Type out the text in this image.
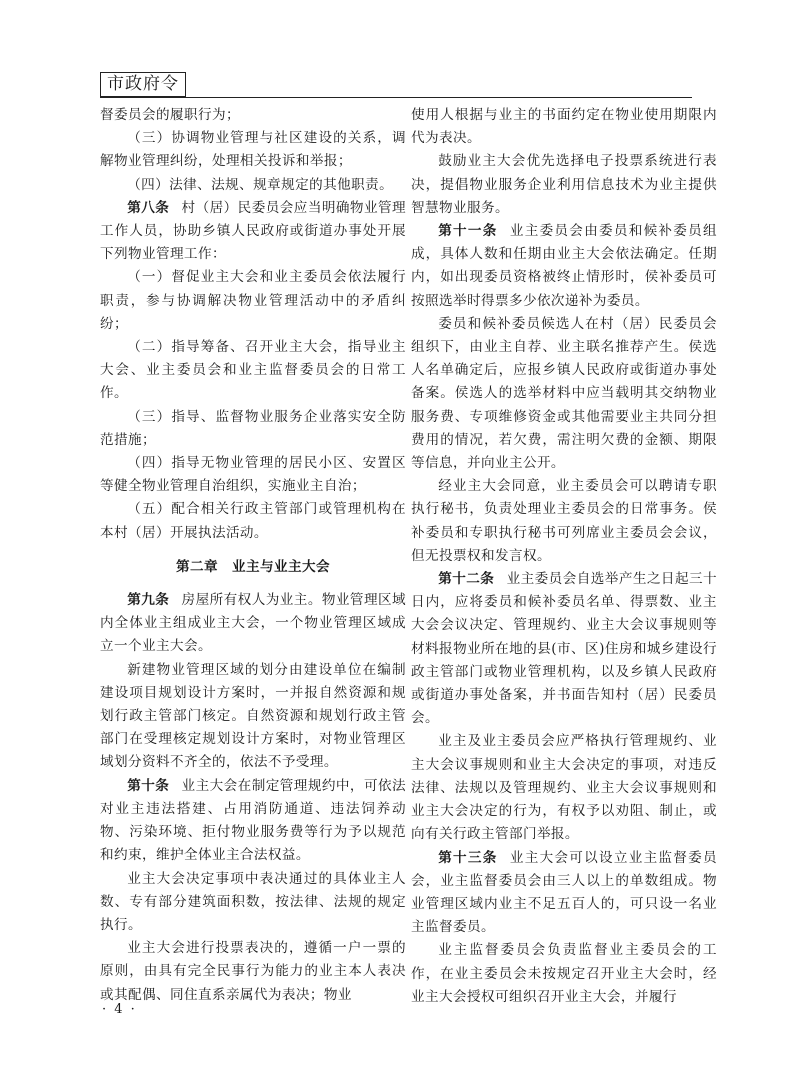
市政府令

督委员会的履职行为；

（三）协调物业管理与社区建设的关系，调解物业管理纠纷，处理相关投诉和举报；

（四）法律、法规、规章规定的其他职责。

第八条 村（居）民委员会应当明确物业管理工作人员，协助乡镇人民政府或街道办事处开展下列物业管理工作：

（一）督促业主大会和业主委员会依法履行职责，参与协调解决物业管理活动中的矛盾纠纷；

（二）指导筹备、召开业主大会，指导业主大会、业主委员会和业主监督委员会的日常工作。

（三）指导、监督物业服务企业落实安全防范措施；

（四）指导无物业管理的居民小区、安置区等健全物业管理自治组织，实施业主自治；

（五）配合相关行政主管部门或管理机构在本村（居）开展执法活动。

第二章　业主与业主大会

第九条 房屋所有权人为业主。物业管理区域内全体业主组成业主大会，一个物业管理区域成立一个业主大会。

新建物业管理区域的划分由建设单位在编制建设项目规划设计方案时，一并报自然资源和规划行政主管部门核定。自然资源和规划行政主管部门在受理核定规划设计方案时，对物业管理区域划分资料不齐全的，依法不予受理。

第十条 业主大会在制定管理规约中，可依法对业主违法搭建、占用消防通道、违法饲养动物、污染环境、拒付物业服务费等行为予以规范和约束，维护全体业主合法权益。

业主大会决定事项中表决通过的具体业主人数、专有部分建筑面积数，按法律、法规的规定执行。

业主大会进行投票表决的，遵循一户一票的原则，由具有完全民事行为能力的业主本人表决或其配偶、同住直系亲属代为表决；物业

使用人根据与业主的书面约定在物业使用期限内代为表决。

鼓励业主大会优先选择电子投票系统进行表决，提倡物业服务企业利用信息技术为业主提供智慧物业服务。

第十一条 业主委员会由委员和候补委员组成，具体人数和任期由业主大会依法确定。任期内，如出现委员资格被终止情形时，侯补委员可按照选举时得票多少依次递补为委员。

委员和候补委员候选人在村（居）民委员会组织下，由业主自荐、业主联名推荐产生。侯选人名单确定后，应报乡镇人民政府或街道办事处备案。侯选人的选举材料中应当载明其交纳物业服务费、专项维修资金或其他需要业主共同分担费用的情况，若欠费，需注明欠费的金额、期限等信息，并向业主公开。

经业主大会同意，业主委员会可以聘请专职执行秘书，负责处理业主委员会的日常事务。侯补委员和专职执行秘书可列席业主委员会会议，但无投票权和发言权。

第十二条 业主委员会自选举产生之日起三十日内，应将委员和候补委员名单、得票数、业主大会会议决定、管理规约、业主大会议事规则等材料报物业所在地的县(市、区)住房和城乡建设行政主管部门或物业管理机构，以及乡镇人民政府或街道办事处备案，并书面告知村（居）民委员会。

业主及业主委员会应严格执行管理规约、业主大会议事规则和业主大会决定的事项，对违反法律、法规以及管理规约、业主大会议事规则和业主大会决定的行为，有权予以劝阻、制止，或向有关行政主管部门举报。

第十三条 业主大会可以设立业主监督委员会，业主监督委员会由三人以上的单数组成。物业管理区域内业主不足五百人的，可只设一名业主监督委员。

业主监督委员会负责监督业主委员会的工作，在业主委员会未按规定召开业主大会时，经业主大会授权可组织召开业主大会，并履行

· 4 ·
